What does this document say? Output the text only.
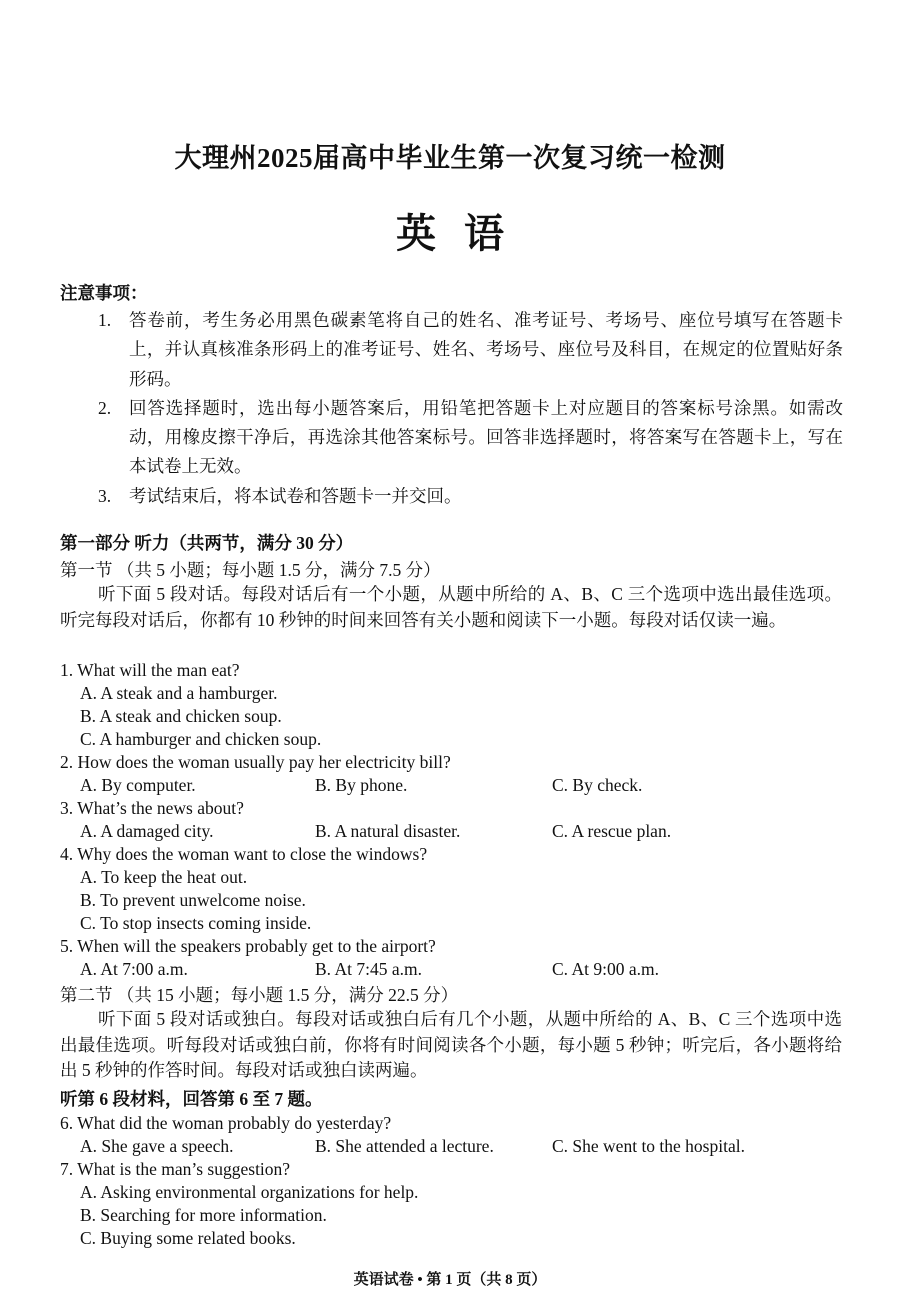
大理州2025届高中毕业生第一次复习统一检测
英语
注意事项：
1. 答卷前，考生务必用黑色碳素笔将自己的姓名、准考证号、考场号、座位号填写在答题卡上，并认真核准条形码上的准考证号、姓名、考场号、座位号及科目，在规定的位置贴好条形码。
2. 回答选择题时，选出每小题答案后，用铅笔把答题卡上对应题目的答案标号涂黑。如需改动，用橡皮擦干净后，再选涂其他答案标号。回答非选择题时，将答案写在答题卡上，写在本试卷上无效。
3. 考试结束后，将本试卷和答题卡一并交回。
第一部分 听力（共两节，满分 30 分）
第一节 （共 5 小题；每小题 1.5 分，满分 7.5 分）
听下面 5 段对话。每段对话后有一个小题，从题中所给的 A、B、C 三个选项中选出最佳选项。听完每段对话后，你都有 10 秒钟的时间来回答有关小题和阅读下一小题。每段对话仅读一遍。
1. What will the man eat?
A. A steak and a hamburger.
B. A steak and chicken soup.
C. A hamburger and chicken soup.
2. How does the woman usually pay her electricity bill?
A. By computer.	B. By phone.	C. By check.
3. What’s the news about?
A. A damaged city.	B. A natural disaster.	C. A rescue plan.
4. Why does the woman want to close the windows?
A. To keep the heat out.
B. To prevent unwelcome noise.
C. To stop insects coming inside.
5. When will the speakers probably get to the airport?
A. At 7:00 a.m.	B. At 7:45 a.m.	C. At 9:00 a.m.
第二节 （共 15 小题；每小题 1.5 分，满分 22.5 分）
听下面 5 段对话或独白。每段对话或独白后有几个小题，从题中所给的 A、B、C 三个选项中选出最佳选项。听每段对话或独白前，你将有时间阅读各个小题，每小题 5 秒钟；听完后，各小题将给出 5 秒钟的作答时间。每段对话或独白读两遍。
听第 6 段材料，回答第 6 至 7 题。
6. What did the woman probably do yesterday?
A. She gave a speech.	B. She attended a lecture.	C. She went to the hospital.
7. What is the man’s suggestion?
A. Asking environmental organizations for help.
B. Searching for more information.
C. Buying some related books.
英语试卷 • 第 1 页（共 8 页）
